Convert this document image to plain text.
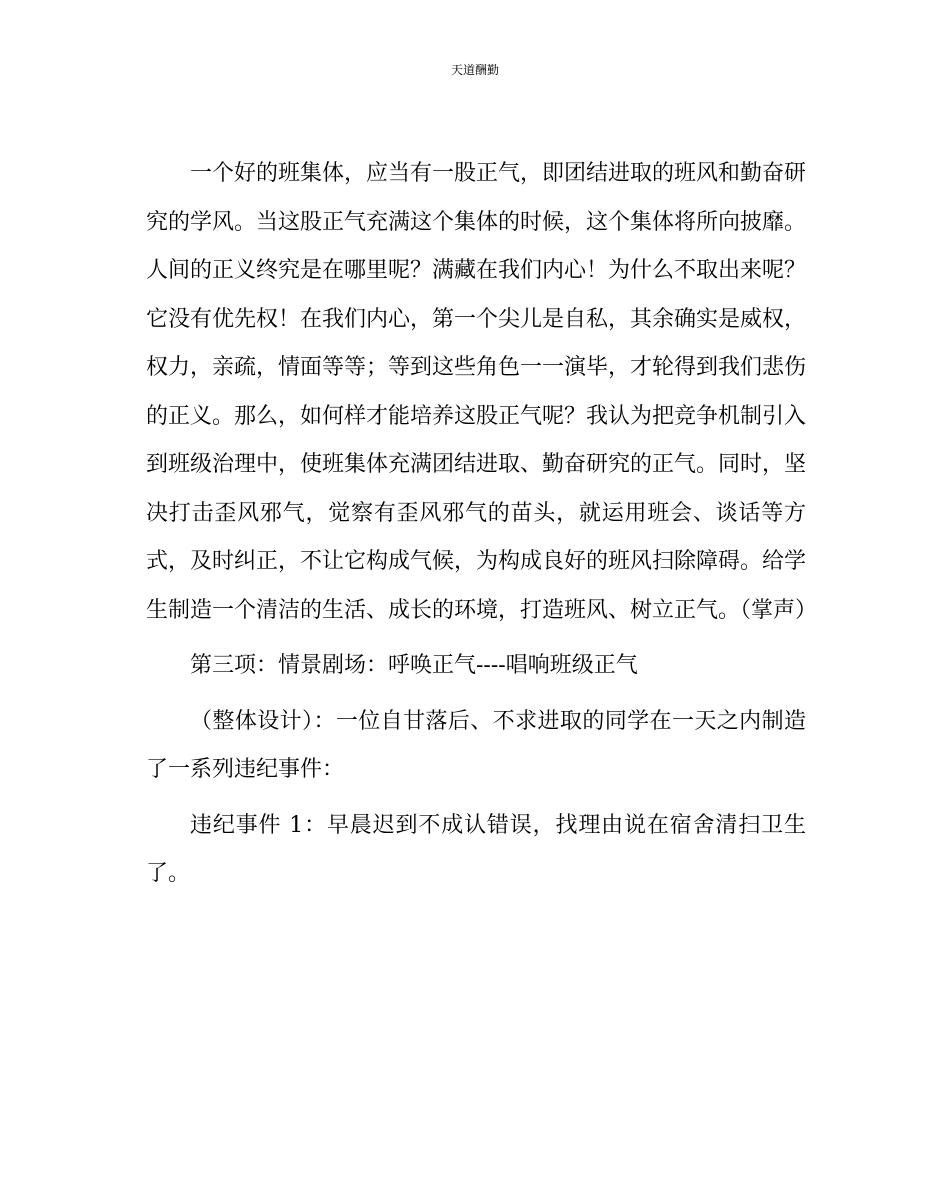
天道酬勤

一个好的班集体，应当有一股正气，即团结进取的班风和勤奋研究的学风。当这股正气充满这个集体的时候，这个集体将所向披靡。人间的正义终究是在哪里呢？满藏在我们内心！为什么不取出来呢？它没有优先权！在我们内心，第一个尖儿是自私，其余确实是威权，权力，亲疏，情面等等；等到这些角色一一演毕，才轮得到我们悲伤的正义。那么，如何样才能培养这股正气呢？我认为把竞争机制引入到班级治理中，使班集体充满团结进取、勤奋研究的正气。同时，坚决打击歪风邪气，觉察有歪风邪气的苗头，就运用班会、谈话等方式，及时纠正，不让它构成气候，为构成良好的班风扫除障碍。给学生制造一个清洁的生活、成长的环境，打造班风、树立正气。（掌声）

第三项：情景剧场：呼唤正气----唱响班级正气

（整体设计）：一位自甘落后、不求进取的同学在一天之内制造了一系列违纪事件：

违纪事件 1：早晨迟到不成认错误，找理由说在宿舍清扫卫生了。
